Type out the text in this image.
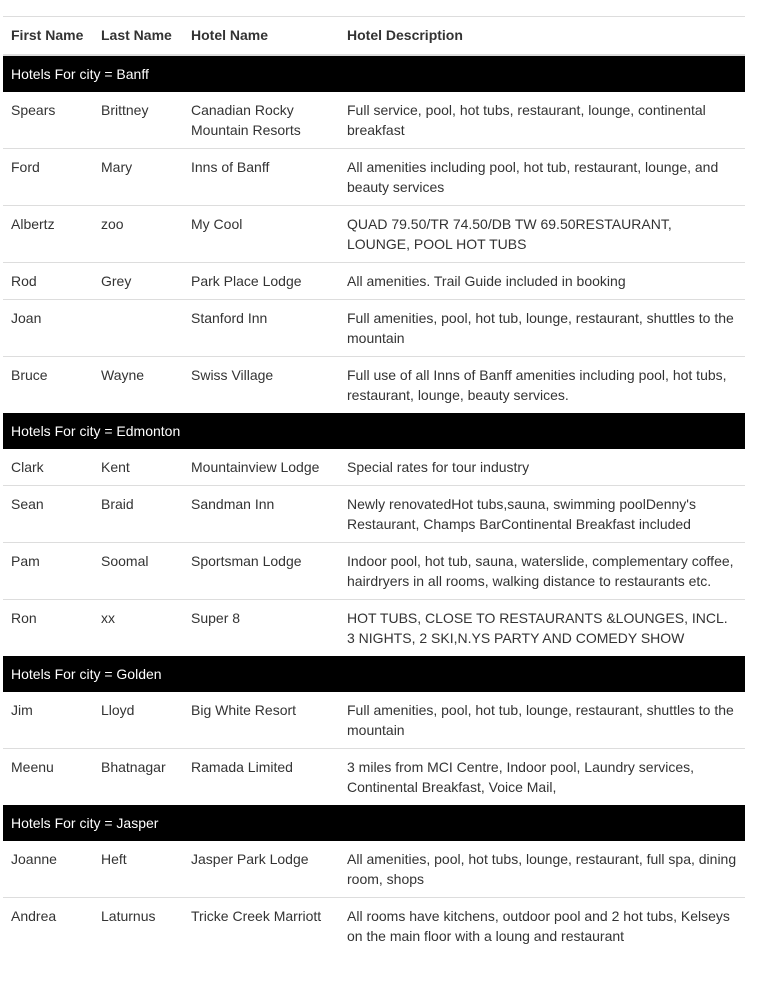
First Name	Last Name	Hotel Name	Hotel Description
Hotels For city = Banff			
Spears	Brittney	Canadian Rocky Mountain Resorts	Full service, pool, hot tubs, restaurant, lounge, continental breakfast
Ford	Mary	Inns of Banff	All amenities including pool, hot tub, restaurant, lounge, and beauty services
Albertz	zoo	My Cool	QUAD 79.50/TR 74.50/DB TW 69.50RESTAURANT, LOUNGE, POOL HOT TUBS
Rod	Grey	Park Place Lodge	All amenities. Trail Guide included in booking
Joan		Stanford Inn	Full amenities, pool, hot tub, lounge, restaurant, shuttles to the mountain
Bruce	Wayne	Swiss Village	Full use of all Inns of Banff amenities including pool, hot tubs, restaurant, lounge, beauty services.
Hotels For city = Edmonton			
Clark	Kent	Mountainview Lodge	Special rates for tour industry
Sean	Braid	Sandman Inn	Newly renovatedHot tubs,sauna, swimming poolDenny's Restaurant, Champs BarContinental Breakfast included
Pam	Soomal	Sportsman Lodge	Indoor pool, hot tub, sauna, waterslide, complementary coffee, hairdryers in all rooms, walking distance to restaurants etc.
Ron	xx	Super 8	HOT TUBS, CLOSE TO RESTAURANTS &LOUNGES, INCL. 3 NIGHTS, 2 SKI,N.YS PARTY AND COMEDY SHOW
Hotels For city = Golden			
Jim	Lloyd	Big White Resort	Full amenities, pool, hot tub, lounge, restaurant, shuttles to the mountain
Meenu	Bhatnagar	Ramada Limited	3 miles from MCI Centre, Indoor pool, Laundry services, Continental Breakfast, Voice Mail,
Hotels For city = Jasper			
Joanne	Heft	Jasper Park Lodge	All amenities, pool, hot tubs, lounge, restaurant, full spa, dining room, shops
Andrea	Laturnus	Tricke Creek Marriott	All rooms have kitchens, outdoor pool and 2 hot tubs, Kelseys on the main floor with a loung and restaurant
